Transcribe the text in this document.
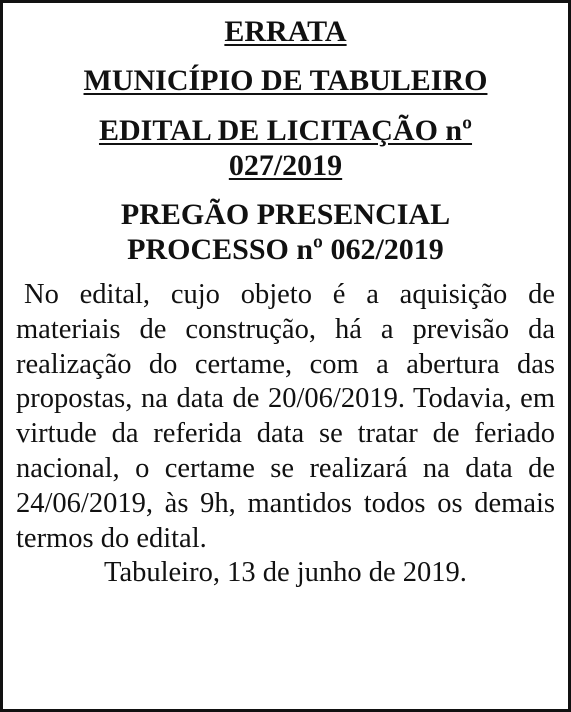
ERRATA
MUNICÍPIO DE TABULEIRO
EDITAL DE LICITAÇÃO nº
027/2019
PREGÃO PRESENCIAL
PROCESSO nº 062/2019

No edital, cujo objeto é a aquisição de materiais de construção, há a previsão da realização do certame, com a abertura das propostas, na data de 20/06/2019. Todavia, em virtude da referida data se tratar de feriado nacional, o certame se realizará na data de 24/06/2019, às 9h, mantidos todos os demais termos do edital.

Tabuleiro, 13 de junho de 2019.
